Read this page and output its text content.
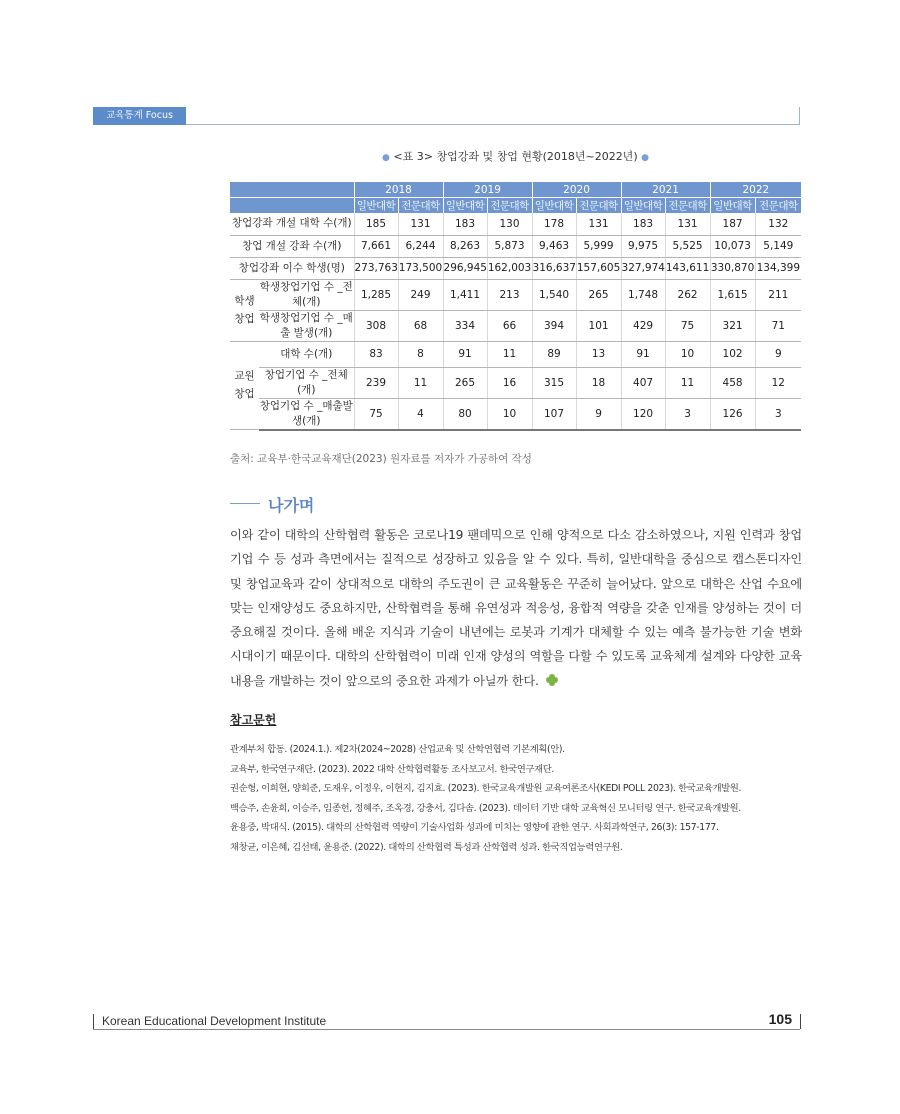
교육통계 Focus
● <표 3> 창업강좌 및 창업 현황(2018년~2022년) ●
		2018		2019		2020		2021		2022	
		일반대학	전문대학	일반대학	전문대학	일반대학	전문대학	일반대학	전문대학	일반대학	전문대학
창업강좌 개설 대학 수(개)		185	131	183	130	178	131	183	131	187	132
창업 개설 강좌 수(개)		7,661	6,244	8,263	5,873	9,463	5,999	9,975	5,525	10,073	5,149
창업강좌 이수 학생(명)		273,763	173,500	296,945	162,003	316,637	157,605	327,974	143,611	330,870	134,399
학생 창업	학생창업기업 수 _전체(개)	1,285	249	1,411	213	1,540	265	1,748	262	1,615	211
	학생창업기업 수 _매출 발생(개)	308	68	334	66	394	101	429	75	321	71
교원 창업	대학 수(개)	83	8	91	11	89	13	91	10	102	9
	창업기업 수 _전체(개)	239	11	265	16	315	18	407	11	458	12
	창업기업 수 _매출발생(개)	75	4	80	10	107	9	120	3	126	3
출처: 교육부·한국교육재단(2023) 원자료를 저자가 가공하여 작성
나가며
이와 같이 대학의 산학협력 활동은 코로나19 팬데믹으로 인해 양적으로 다소 감소하였으나, 지원 인력과 창업 기업 수 등 성과 측면에서는 질적으로 성장하고 있음을 알 수 있다. 특히, 일반대학을 중심으로 캡스톤디자인 및 창업교육과 같이 상대적으로 대학의 주도권이 큰 교육활동은 꾸준히 늘어났다. 앞으로 대학은 산업 수요에 맞는 인재양성도 중요하지만, 산학협력을 통해 유연성과 적응성, 융합적 역량을 갖춘 인재를 양성하는 것이 더 중요해질 것이다. 올해 배운 지식과 기술이 내년에는 로봇과 기계가 대체할 수 있는 예측 불가능한 기술 변화 시대이기 때문이다. 대학의 산학협력이 미래 인재 양성의 역할을 다할 수 있도록 교육체계 설계와 다양한 교육내용을 개발하는 것이 앞으로의 중요한 과제가 아닐까 한다.
참고문헌
관계부처 합동. (2024.1.). 제2차(2024~2028) 산업교육 및 산학연협력 기본계획(안).
교육부, 한국연구재단. (2023). 2022 대학 산학협력활동 조사보고서. 한국연구재단.
권순형, 이희현, 양희준, 도재우, 이정우, 이현지, 김지효. (2023). 한국교육개발원 교육여론조사(KEDI POLL 2023). 한국교육개발원.
백승주, 손윤희, 이승주, 임종헌, 정혜주, 조옥경, 강충서, 김다솜. (2023). 데이터 기반 대학 교육혁신 모니터링 연구. 한국교육개발원.
윤용중, 박대식. (2015). 대학의 산학협력 역량이 기술사업화 성과에 미치는 영향에 관한 연구. 사회과학연구, 26(3): 157-177.
채창균, 이은혜, 김선태, 윤용준. (2022). 대학의 산학협력 특성과 산학협력 성과. 한국직업능력연구원.
Korean Educational Development Institute	105
